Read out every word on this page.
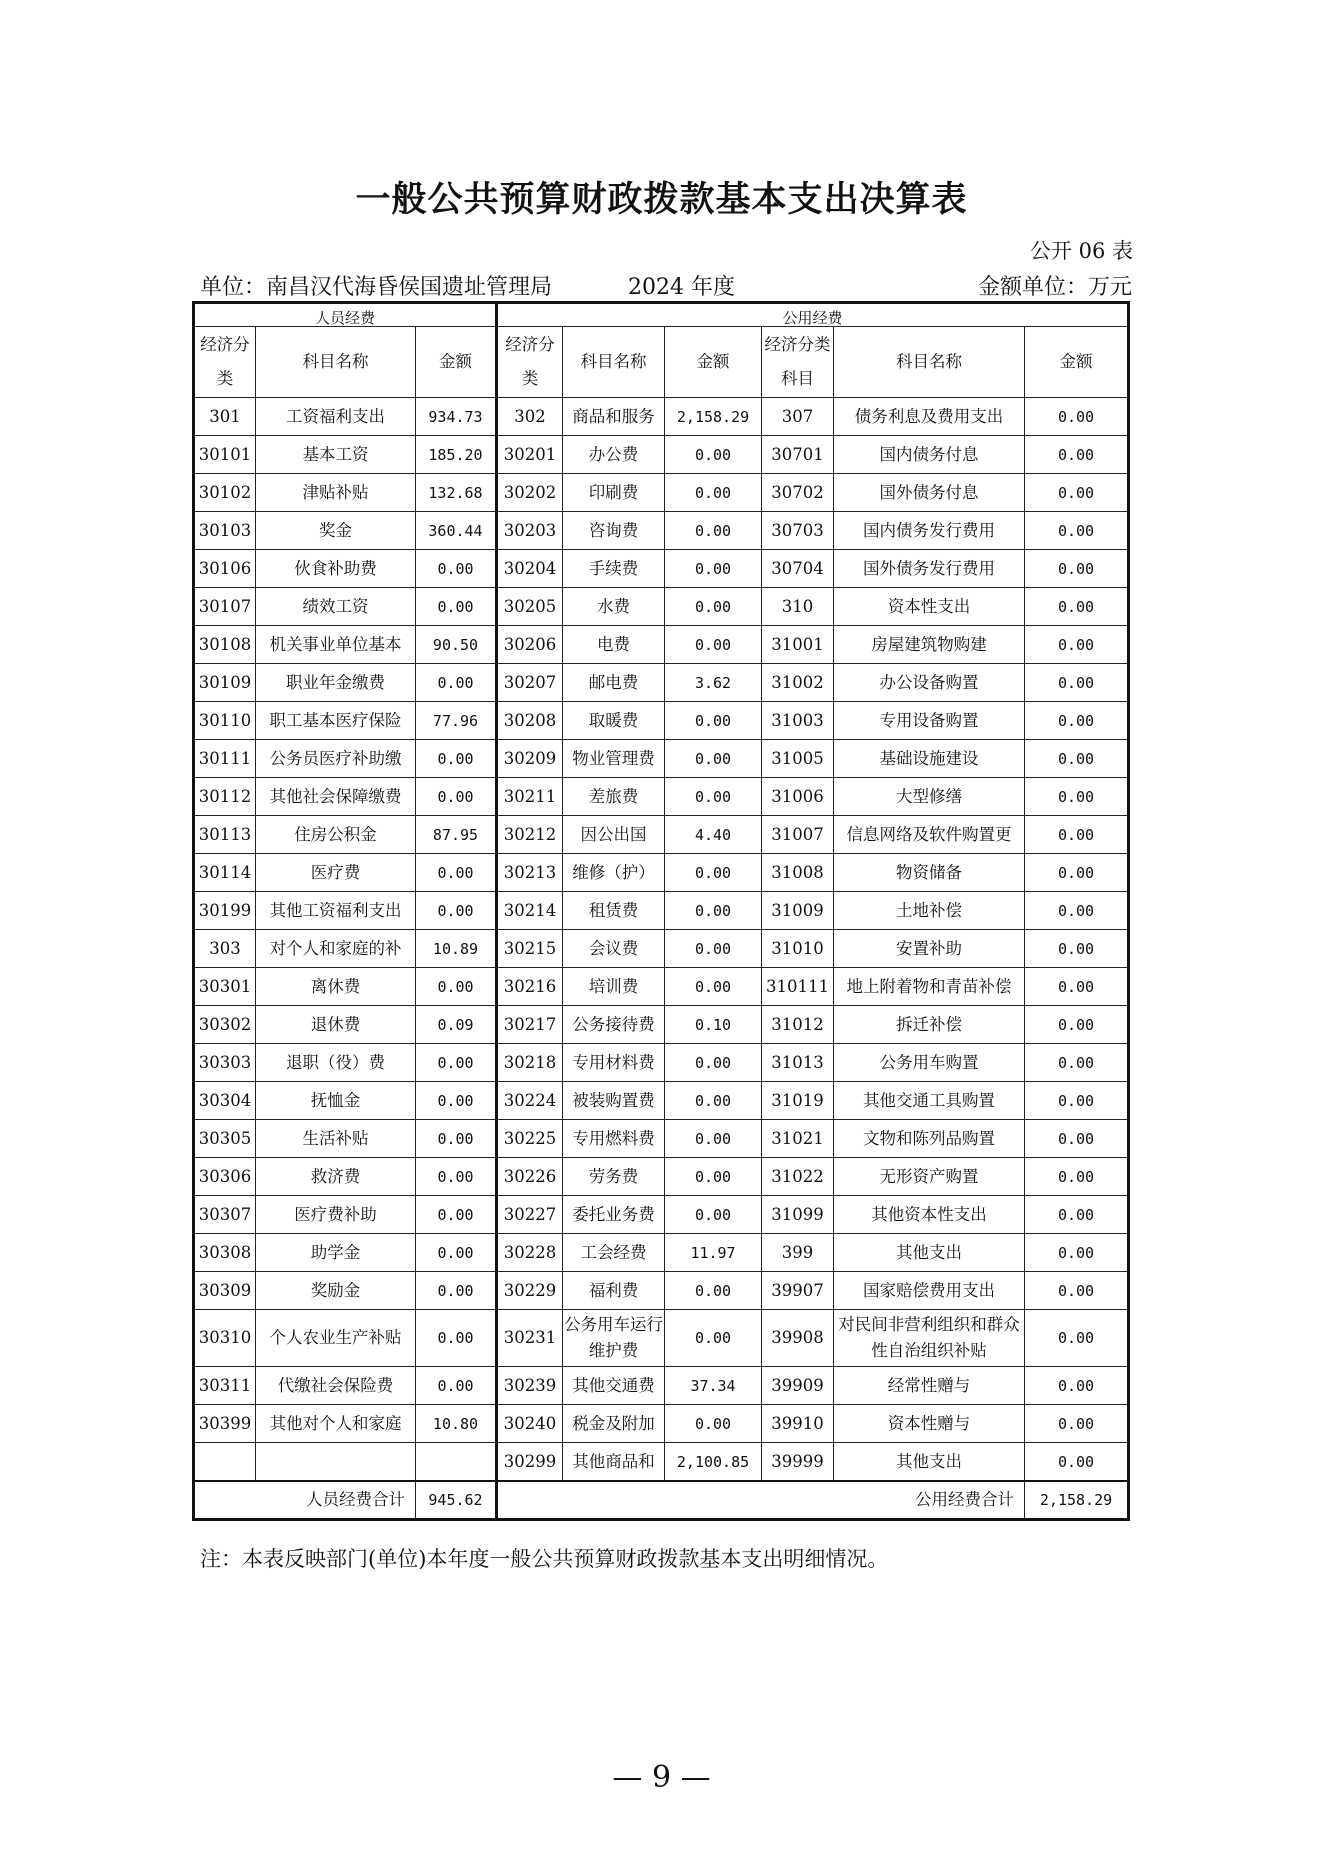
一般公共预算财政拨款基本支出决算表
公开 06 表
单位：南昌汉代海昏侯国遗址管理局	2024 年度	金额单位：万元
人员经费			公用经费					
经济分类	科目名称	金额	经济分类	科目名称	金额	经济分类科目	科目名称	金额
301	工资福利支出	934.73	302	商品和服务	2,158.29	307	债务利息及费用支出	0.00
30101	基本工资	185.20	30201	办公费	0.00	30701	国内债务付息	0.00
30102	津贴补贴	132.68	30202	印刷费	0.00	30702	国外债务付息	0.00
30103	奖金	360.44	30203	咨询费	0.00	30703	国内债务发行费用	0.00
30106	伙食补助费	0.00	30204	手续费	0.00	30704	国外债务发行费用	0.00
30107	绩效工资	0.00	30205	水费	0.00	310	资本性支出	0.00
30108	机关事业单位基本	90.50	30206	电费	0.00	31001	房屋建筑物购建	0.00
30109	职业年金缴费	0.00	30207	邮电费	3.62	31002	办公设备购置	0.00
30110	职工基本医疗保险	77.96	30208	取暖费	0.00	31003	专用设备购置	0.00
30111	公务员医疗补助缴	0.00	30209	物业管理费	0.00	31005	基础设施建设	0.00
30112	其他社会保障缴费	0.00	30211	差旅费	0.00	31006	大型修缮	0.00
30113	住房公积金	87.95	30212	因公出国	4.40	31007	信息网络及软件购置更	0.00
30114	医疗费	0.00	30213	维修（护）	0.00	31008	物资储备	0.00
30199	其他工资福利支出	0.00	30214	租赁费	0.00	31009	土地补偿	0.00
303	对个人和家庭的补	10.89	30215	会议费	0.00	31010	安置补助	0.00
30301	离休费	0.00	30216	培训费	0.00	310111	地上附着物和青苗补偿	0.00
30302	退休费	0.09	30217	公务接待费	0.10	31012	拆迁补偿	0.00
30303	退职（役）费	0.00	30218	专用材料费	0.00	31013	公务用车购置	0.00
30304	抚恤金	0.00	30224	被装购置费	0.00	31019	其他交通工具购置	0.00
30305	生活补贴	0.00	30225	专用燃料费	0.00	31021	文物和陈列品购置	0.00
30306	救济费	0.00	30226	劳务费	0.00	31022	无形资产购置	0.00
30307	医疗费补助	0.00	30227	委托业务费	0.00	31099	其他资本性支出	0.00
30308	助学金	0.00	30228	工会经费	11.97	399	其他支出	0.00
30309	奖励金	0.00	30229	福利费	0.00	39907	国家赔偿费用支出	0.00
30310	个人农业生产补贴	0.00	30231	公务用车运行维护费	0.00	39908	对民间非营利组织和群众性自治组织补贴	0.00
30311	代缴社会保险费	0.00	30239	其他交通费	37.34	39909	经常性赠与	0.00
30399	其他对个人和家庭	10.80	30240	税金及附加	0.00	39910	资本性赠与	0.00
			30299	其他商品和	2,100.85	39999	其他支出	0.00
人员经费合计		945.62	公用经费合计					2,158.29
注：本表反映部门(单位)本年度一般公共预算财政拨款基本支出明细情况。
— 9 —
